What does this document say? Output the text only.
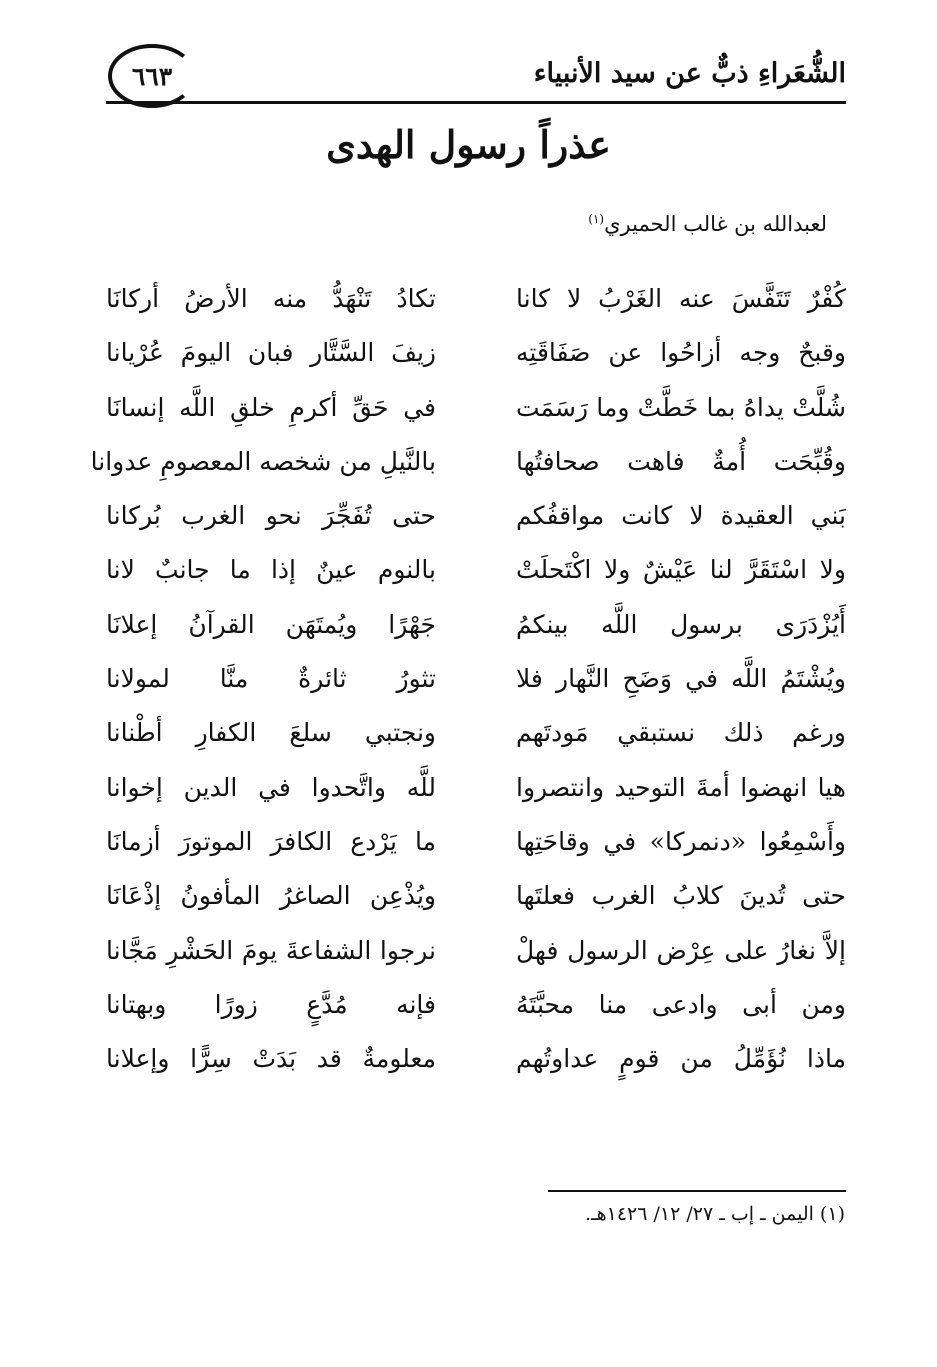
الشُّعَراءِ ذبٌّ عن سيد الأنبياء
٦٦٣
عذراً رسول الهدى
لعبدالله بن غالب الحميري$^{(١)}$
كُفْرٌ تَتَفَّسَ عنه الغَرْبُ لا كانا
تكادُ تَنْهَدُّ منه الأرضُ أركانَا
وقبحٌ وجه أزاحُوا عن صَفَاقَتِه
زيفَ السَّتَّار فبان اليومَ عُرْيانا
شُلَّتْ يداهُ بما خَطَّتْ وما رَسَمَت
في حَقِّ أكرمِ خلقِ اللَّه إنسانَا
وقُبِّحَت أُمةٌ فاهت صحافتُها
بالنَّيلِ من شخصه المعصومِ عدوانا
بَني العقيدة لا كانت مواقفُكم
حتى تُفَجِّرَ نحو الغرب بُركانا
ولا اسْتَقَرَّ لنا عَيْشٌ ولا اكْتَحلَتْ
بالنوم عينٌ إذا ما جانبٌ لانا
أَيُزْدَرَى برسول اللَّه بينكمُ
جَهْرًا ويُمتَهَن القرآنُ إعلانَا
ويُشْتَمُ اللَّه في وَضَحِ النَّهار فلا
تثورُ ثائرةٌ منَّا لمولانا
ورغم ذلك نستبقي مَودتَهم
ونجتبي سلعَ الكفارِ أطْنانا
هيا انهضوا أمةَ التوحيد وانتصروا
للَّه واتَّحدوا في الدين إخوانا
وأَسْمِعُوا «دنمركا» في وقاحَتِها
ما يَرْدع الكافرَ الموتورَ أزمانَا
حتى تُدينَ كلابُ الغرب فعلتَها
ويُذْعِن الصاغرُ المأفونُ إذْعَانَا
إلاَّ نغارُ على عِرْض الرسول فهلْ
نرجوا الشفاعةَ يومَ الحَشْرِ مَجَّانا
ومن أبى وادعى منا محبَّتَهُ
فإنه مُدَّعٍ زورًا وبهتانا
ماذا نُؤَمِّلُ من قومٍ عداوتُهم
معلومةٌ قد بَدَتْ سِرًّا وإعلانا
(١) اليمن ـ إب ـ ٢٧/ ١٢/ ١٤٢٦هـ.
